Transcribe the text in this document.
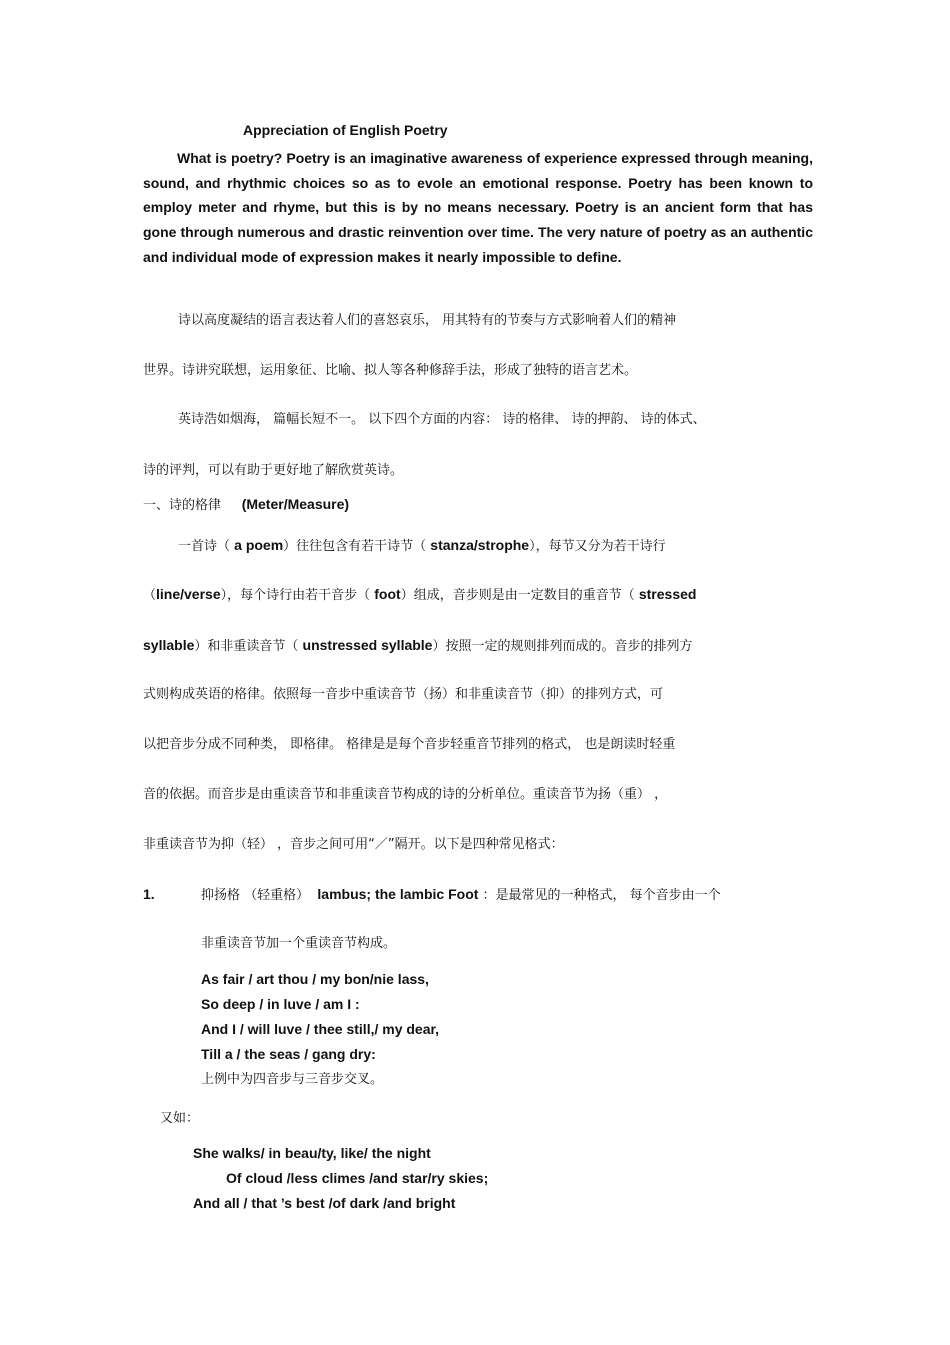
Appreciation of English Poetry

What is poetry? Poetry is an imaginative awareness of experience expressed through meaning, sound, and rhythmic choices so as to evole an emotional response. Poetry has been known to employ meter and rhyme, but this is by no means necessary. Poetry is an ancient form that has gone through numerous and drastic reinvention over time. The very nature of poetry as an authentic and individual mode of expression makes it nearly impossible to define.

诗以高度凝结的语言表达着人们的喜怒哀乐， 用其特有的节奏与方式影响着人们的精神

世界。诗讲究联想，运用象征、比喻、拟人等各种修辞手法，形成了独特的语言艺术。

英诗浩如烟海， 篇幅长短不一。 以下四个方面的内容： 诗的格律、 诗的押韵、 诗的体式、

诗的评判，可以有助于更好地了解欣赏英诗。

一、诗的格律 (Meter/Measure)

一首诗（ a poem）往往包含有若干诗节（ stanza/strophe），每节又分为若干诗行

（line/verse），每个诗行由若干音步（ foot）组成，音步则是由一定数目的重音节（ stressed

syllable）和非重读音节（ unstressed syllable）按照一定的规则排列而成的。音步的排列方

式则构成英语的格律。依照每一音步中重读音节（扬）和非重读音节（抑）的排列方式，可

以把音步分成不同种类， 即格律。 格律是是每个音步轻重音节排列的格式， 也是朗读时轻重

音的依据。而音步是由重读音节和非重读音节构成的诗的分析单位。重读音节为扬（重） ，

非重读音节为抑（轻） ，音步之间可用“／”隔开。以下是四种常见格式：

1.	抑扬格 （轻重格）  lambus; the lambic Foot ：是最常见的一种格式， 每个音步由一个
非重读音节加一个重读音节构成。
As fair / art thou / my bon/nie lass,
So deep / in luve / am I :
And I / will luve / thee still,/ my dear,
Till a / the seas / gang dry:
上例中为四音步与三音步交叉。
又如：
She walks/ in beau/ty, like/ the night
Of cloud /less climes /and star/ry skies;
And all / that ’s best /of dark /and bright
